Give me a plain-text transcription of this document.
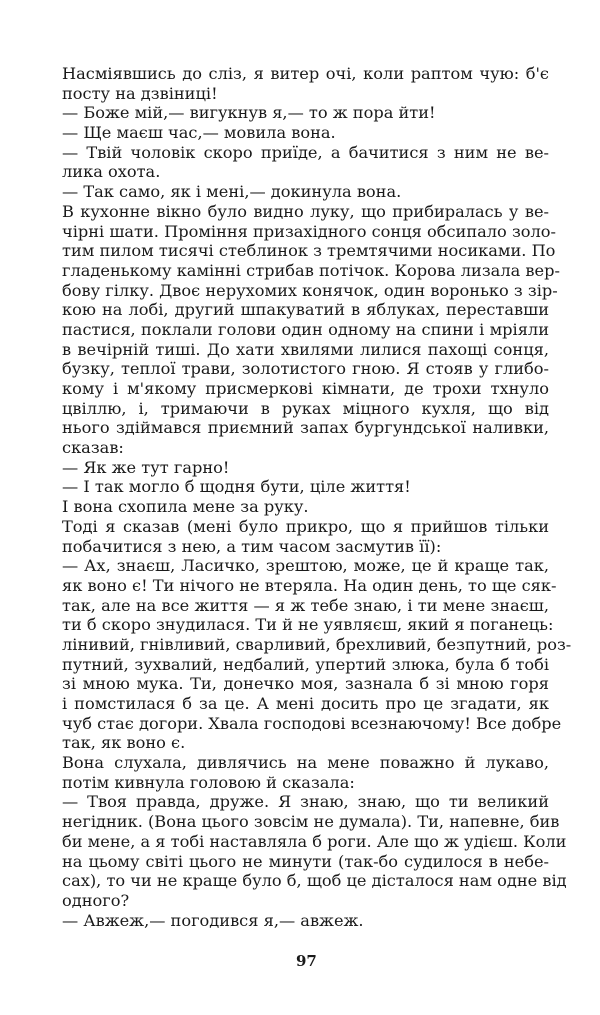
Насміявшись до сліз, я витер очі, коли раптом чую: б'є
посту на дзвіниці!
— Боже мій,— вигукнув я,— то ж пора йти!
— Ще маєш час,— мовила вона.
— Твій чоловік скоро приїде, а бачитися з ним не ве-
лика охота.
— Так само, як і мені,— докинула вона.
В кухонне вікно було видно луку, що прибиралась у ве-
чірні шати. Проміння призахідного сонця обсипало золо-
тим пилом тисячі стеблинок з тремтячими носиками. По
гладенькому камінні стрибав потічок. Корова лизала вер-
бову гілку. Двоє нерухомих конячок, один воронько з зір-
кою на лобі, другий шпакуватий в яблуках, переставши
пастися, поклали голови один одному на спини і мріяли
в вечірній тиші. До хати хвилями лилися пахощі сонця,
бузку, теплої трави, золотистого гною. Я стояв у глибо-
кому і м'якому присмеркові кімнати, де трохи тхнуло
цвіллю, і, тримаючи в руках міцного кухля, що від
нього здіймався приємний запах бургундської наливки,
сказав:
— Як же тут гарно!
— І так могло б щодня бути, ціле життя!
І вона схопила мене за руку.
Тоді я сказав (мені було прикро, що я прийшов тільки
побачитися з нею, а тим часом засмутив її):
— Ах, знаєш, Ласичко, зрештою, може, це й краще так,
як воно є! Ти нічого не втеряла. На один день, то ще сяк-
так, але на все життя — я ж тебе знаю, і ти мене знаєш,
ти б скоро знудилася. Ти й не уявляєш, який я поганець:
лінивий, гнівливий, сварливий, брехливий, безпутний, роз-
путний, зухвалий, недбалий, упертий злюка, була б тобі
зі мною мука. Ти, донечко моя, зазнала б зі мною горя
і помстилася б за це. А мені досить про це згадати, як
чуб стає догори. Хвала господові всезнаючому! Все добре
так, як воно є.
Вона слухала, дивлячись на мене поважно й лукаво,
потім кивнула головою й сказала:
— Твоя правда, друже. Я знаю, знаю, що ти великий
негідник. (Вона цього зовсім не думала). Ти, напевне, бив
би мене, а я тобі наставляла б роги. Але що ж удієш. Коли
на цьому світі цього не минути (так-бо судилося в небе-
сах), то чи не краще було б, щоб це дісталося нам одне від
одного?
— Авжеж,— погодився я,— авжеж.
97
